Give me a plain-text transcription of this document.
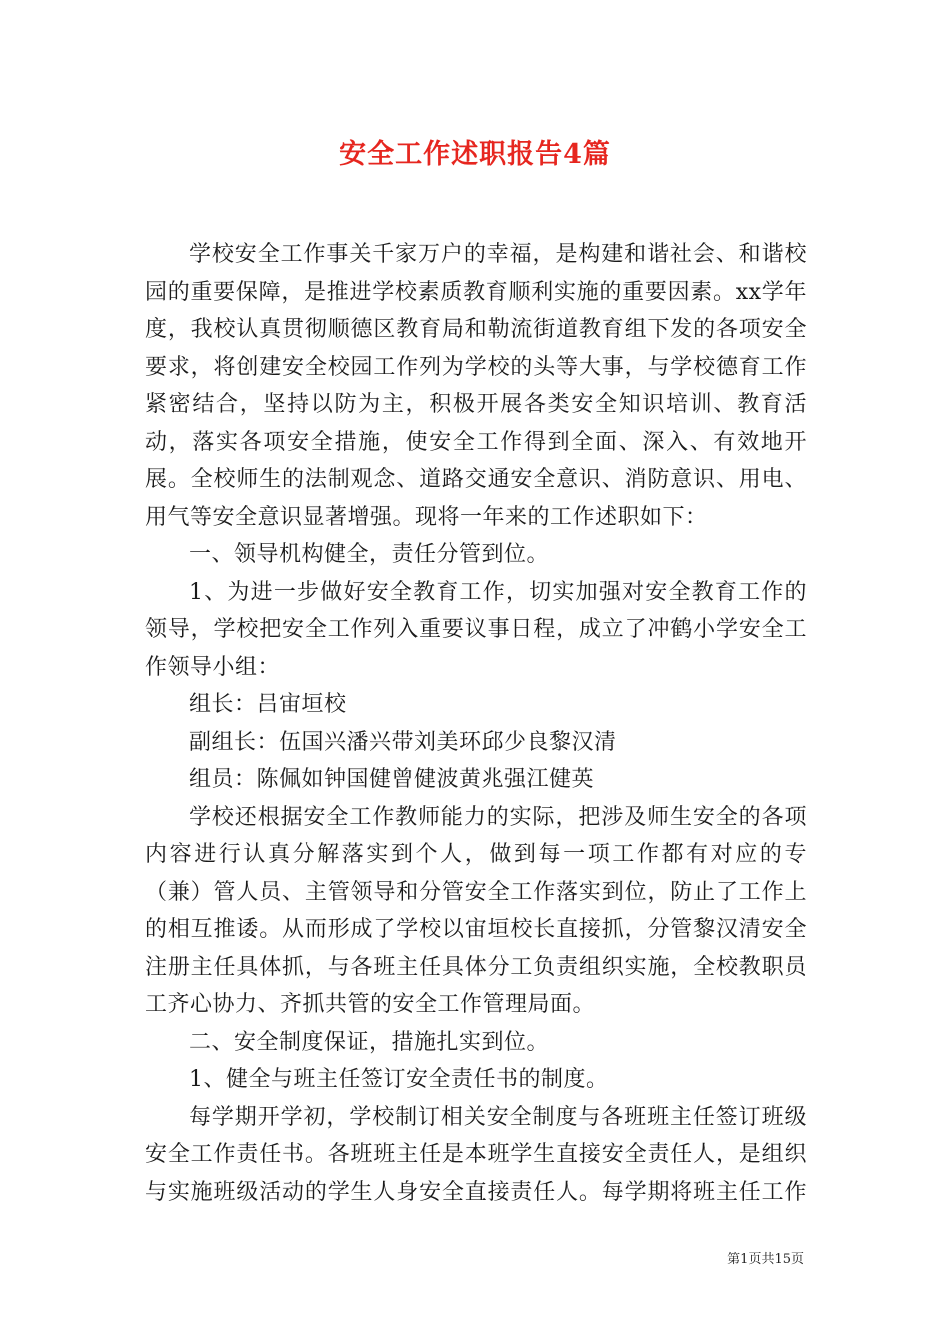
安全工作述职报告4篇

学校安全工作事关千家万户的幸福，是构建和谐社会、和谐校园的重要保障，是推进学校素质教育顺利实施的重要因素。xx学年度，我校认真贯彻顺德区教育局和勒流街道教育组下发的各项安全要求，将创建安全校园工作列为学校的头等大事，与学校德育工作紧密结合，坚持以防为主，积极开展各类安全知识培训、教育活动，落实各项安全措施，使安全工作得到全面、深入、有效地开展。全校师生的法制观念、道路交通安全意识、消防意识、用电、用气等安全意识显著增强。现将一年来的工作述职如下：

一、领导机构健全，责任分管到位。

1、为进一步做好安全教育工作，切实加强对安全教育工作的领导，学校把安全工作列入重要议事日程，成立了冲鹤小学安全工作领导小组：

组长：吕宙垣校

副组长：伍国兴潘兴带刘美环邱少良黎汉清

组员：陈佩如钟国健曾健波黄兆强江健英

学校还根据安全工作教师能力的实际，把涉及师生安全的各项内容进行认真分解落实到个人，做到每一项工作都有对应的专（兼）管人员、主管领导和分管安全工作落实到位，防止了工作上的相互推诿。从而形成了学校以宙垣校长直接抓，分管黎汉清安全注册主任具体抓，与各班主任具体分工负责组织实施，全校教职员工齐心协力、齐抓共管的安全工作管理局面。

二、安全制度保证，措施扎实到位。

1、健全与班主任签订安全责任书的制度。

每学期开学初，学校制订相关安全制度与各班班主任签订班级安全工作责任书。各班班主任是本班学生直接安全责任人，是组织与实施班级活动的学生人身安全直接责任人。每学期将班主任工作

第1页共15页
